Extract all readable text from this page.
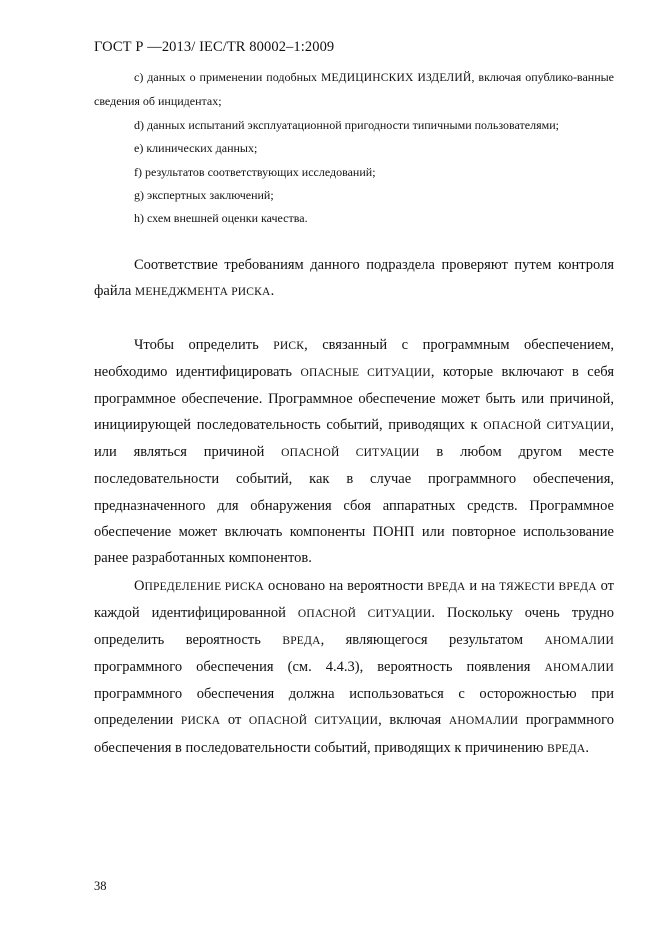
ГОСТ Р —2013/ IEC/TR 80002–1:2009

c) данных о применении подобных МЕДИЦИНСКИХ ИЗДЕЛИЙ, включая опублико-ванные сведения об инцидентах;

d) данных испытаний эксплуатационной пригодности типичными пользователями;

e) клинических данных;

f) результатов соответствующих исследований;

g) экспертных заключений;

h) схем внешней оценки качества.

Соответствие требованиям данного подраздела проверяют путем контроля файла МЕНЕДЖМЕНТА РИСКА.

Чтобы определить РИСК, связанный с программным обеспечением, необходимо идентифицировать ОПАСНЫЕ СИТУАЦИИ, которые включают в себя программное обеспечение. Программное обеспечение может быть или причиной, инициирующей последовательность событий, приводящих к ОПАСНОЙ СИТУАЦИИ, или являться причиной ОПАСНОЙ СИТУАЦИИ в любом другом месте последовательности событий, как в случае программного обеспечения, предназначенного для обнаружения сбоя аппаратных средств. Программное обеспечение может включать компоненты ПОНП или повторное использование ранее разработанных компонентов.

ОПРЕДЕЛЕНИЕ РИСКА основано на вероятности ВРЕДА и на ТЯЖЕСТИ ВРЕДА от каждой идентифицированной ОПАСНОЙ СИТУАЦИИ. Поскольку очень трудно определить вероятность ВРЕДА, являющегося результатом АНОМАЛИИ программного обеспечения (см. 4.4.3), вероятность появления АНОМАЛИИ программного обеспечения должна использоваться с осторожностью при определении РИСКА от ОПАСНОЙ СИТУАЦИИ, включая АНОМАЛИИ программного обеспечения в последовательности событий, приводящих к причинению ВРЕДА.

38
